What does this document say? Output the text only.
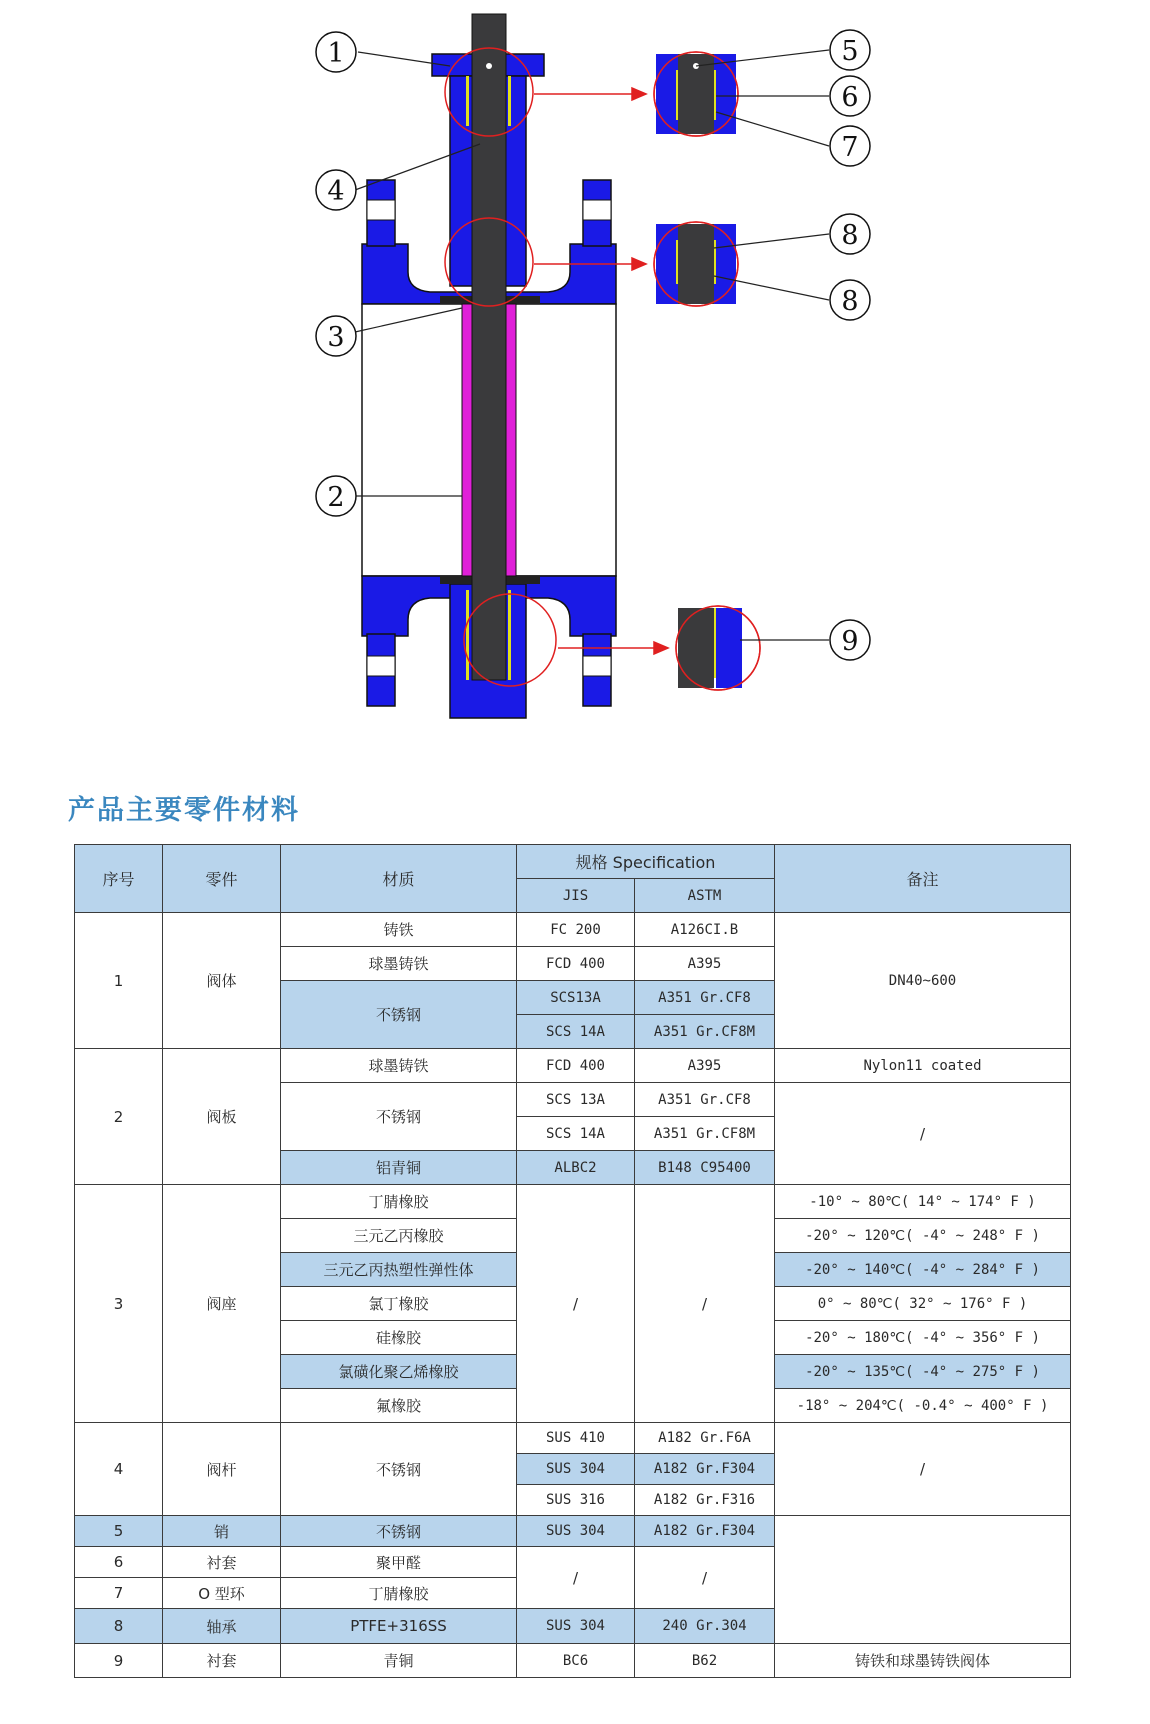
1
4
3
2
5
6
7
8
8
9
产品主要零件材料
序号	零件	材质	规格 Specification		备注
			JIS	ASTM	
1	阀体	铸铁	FC 200	A126CI.B	DN40~600
		球墨铸铁	FCD 400	A395	
		不锈钢	SCS13A	A351 Gr.CF8	
			SCS 14A	A351 Gr.CF8M	
2	阀板	球墨铸铁	FCD 400	A395	Nylon11 coated
		不锈钢	SCS 13A	A351 Gr.CF8	/
			SCS 14A	A351 Gr.CF8M	
		铝青铜	ALBC2	B148 C95400	
3	阀座	丁腈橡胶	/	/	-10° ~ 80℃( 14° ~ 174° F )
		三元乙丙橡胶			-20° ~ 120℃( -4° ~ 248° F )
		三元乙丙热塑性弹性体			-20° ~ 140℃( -4° ~ 284° F )
		氯丁橡胶			0° ~ 80℃( 32° ~ 176° F )
		硅橡胶			-20° ~ 180℃( -4° ~ 356° F )
		氯磺化聚乙烯橡胶			-20° ~ 135℃( -4° ~ 275° F )
		氟橡胶			-18° ~ 204℃( -0.4° ~ 400° F )
4	阀杆	不锈钢	SUS 410	A182 Gr.F6A	/
			SUS 304	A182 Gr.F304	
			SUS 316	A182 Gr.F316	
5	销	不锈钢	SUS 304	A182 Gr.F304	
6	衬套	聚甲醛	/	/	
7	O 型环	丁腈橡胶			
8	轴承	PTFE+316SS	SUS 304	240 Gr.304	
9	衬套	青铜	BC6	B62	铸铁和球墨铸铁阀体
